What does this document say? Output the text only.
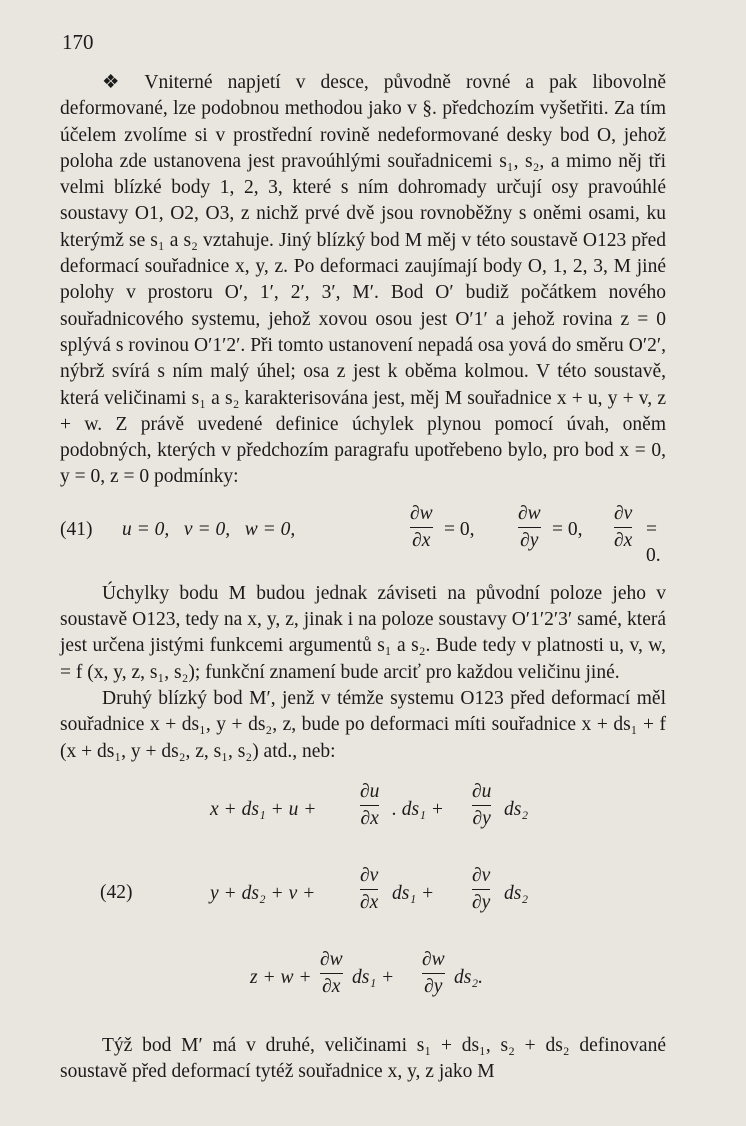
170

❖ Vniterné napjetí v desce, původně rovné a pak libovolně deformované, lze podobnou methodou jako v §. předchozím vyšetřiti. Za tím účelem zvolíme si v prostřední rovině nedeformované desky bod O, jehož poloha zde ustanovena jest pravoúhlými souřadnicemi s₁, s₂, a mimo něj tři velmi blízké body 1, 2, 3, které s ním dohromady určují osy pravoúhlé soustavy O1, O2, O3, z nichž prvé dvě jsou rovnoběžny s oněmi osami, ku kterýmž se s₁ a s₂ vztahuje. Jiný blízký bod M měj v této soustavě O123 před deformací souřadnice x, y, z. Po deformaci zaujímají body O, 1, 2, 3, M jiné polohy v prostoru O′, 1′, 2′, 3′, M′. Bod O′ budiž počátkem nového souřadnicového systemu, jehož xovou osou jest O′1′ a jehož rovina z = 0 splývá s rovinou O′1′2′. Při tomto ustanovení nepadá osa yová do směru O′2′, nýbrž svírá s ním malý úhel; osa z jest k oběma kolmou. V této soustavě, která veličinami s₁ a s₂ karakterisována jest, měj M souřadnice x + u, y + v, z + w. Z právě uvedené definice úchylek plynou pomocí úvah, oněm podobných, kterých v předchozím paragrafu upotřebeno bylo, pro bod x = 0, y = 0, z = 0 podmínky:

(41) u = 0,   v = 0,   w = 0,
∂w
∂x
= 0,
∂w
∂y
= 0,
∂v
∂x
= 0.

Úchylky bodu M budou jednak záviseti na původní poloze jeho v soustavě O123, tedy na x, y, z, jinak i na poloze soustavy O′1′2′3′ samé, která jest určena jistými funkcemi argumentů s₁ a s₂. Bude tedy v platnosti u, v, w, = f (x, y, z, s₁, s₂); funkční znamení bude arciť pro každou veličinu jiné.

Druhý blízký bod M′, jenž v témže systemu O123 před deformací měl souřadnice x + ds₁, y + ds₂, z, bude po deformaci míti souřadnice x + ds₁ + f (x + ds₁, y + ds₂, z, s₁, s₂) atd., neb:

(42)
x + ds₁ + u +
∂u
∂x . ds₁ +
∂u
∂y ds₂
y + ds₂ + v +
∂v
∂x ds₁ +
∂v
∂y ds₂
z + w +
∂w
∂x ds₁ +
∂w
∂y ds₂.

Týž bod M′ má v druhé, veličinami s₁ + ds₁, s₂ + ds₂ definované soustavě před deformací tytéž souřadnice x, y, z jako M
